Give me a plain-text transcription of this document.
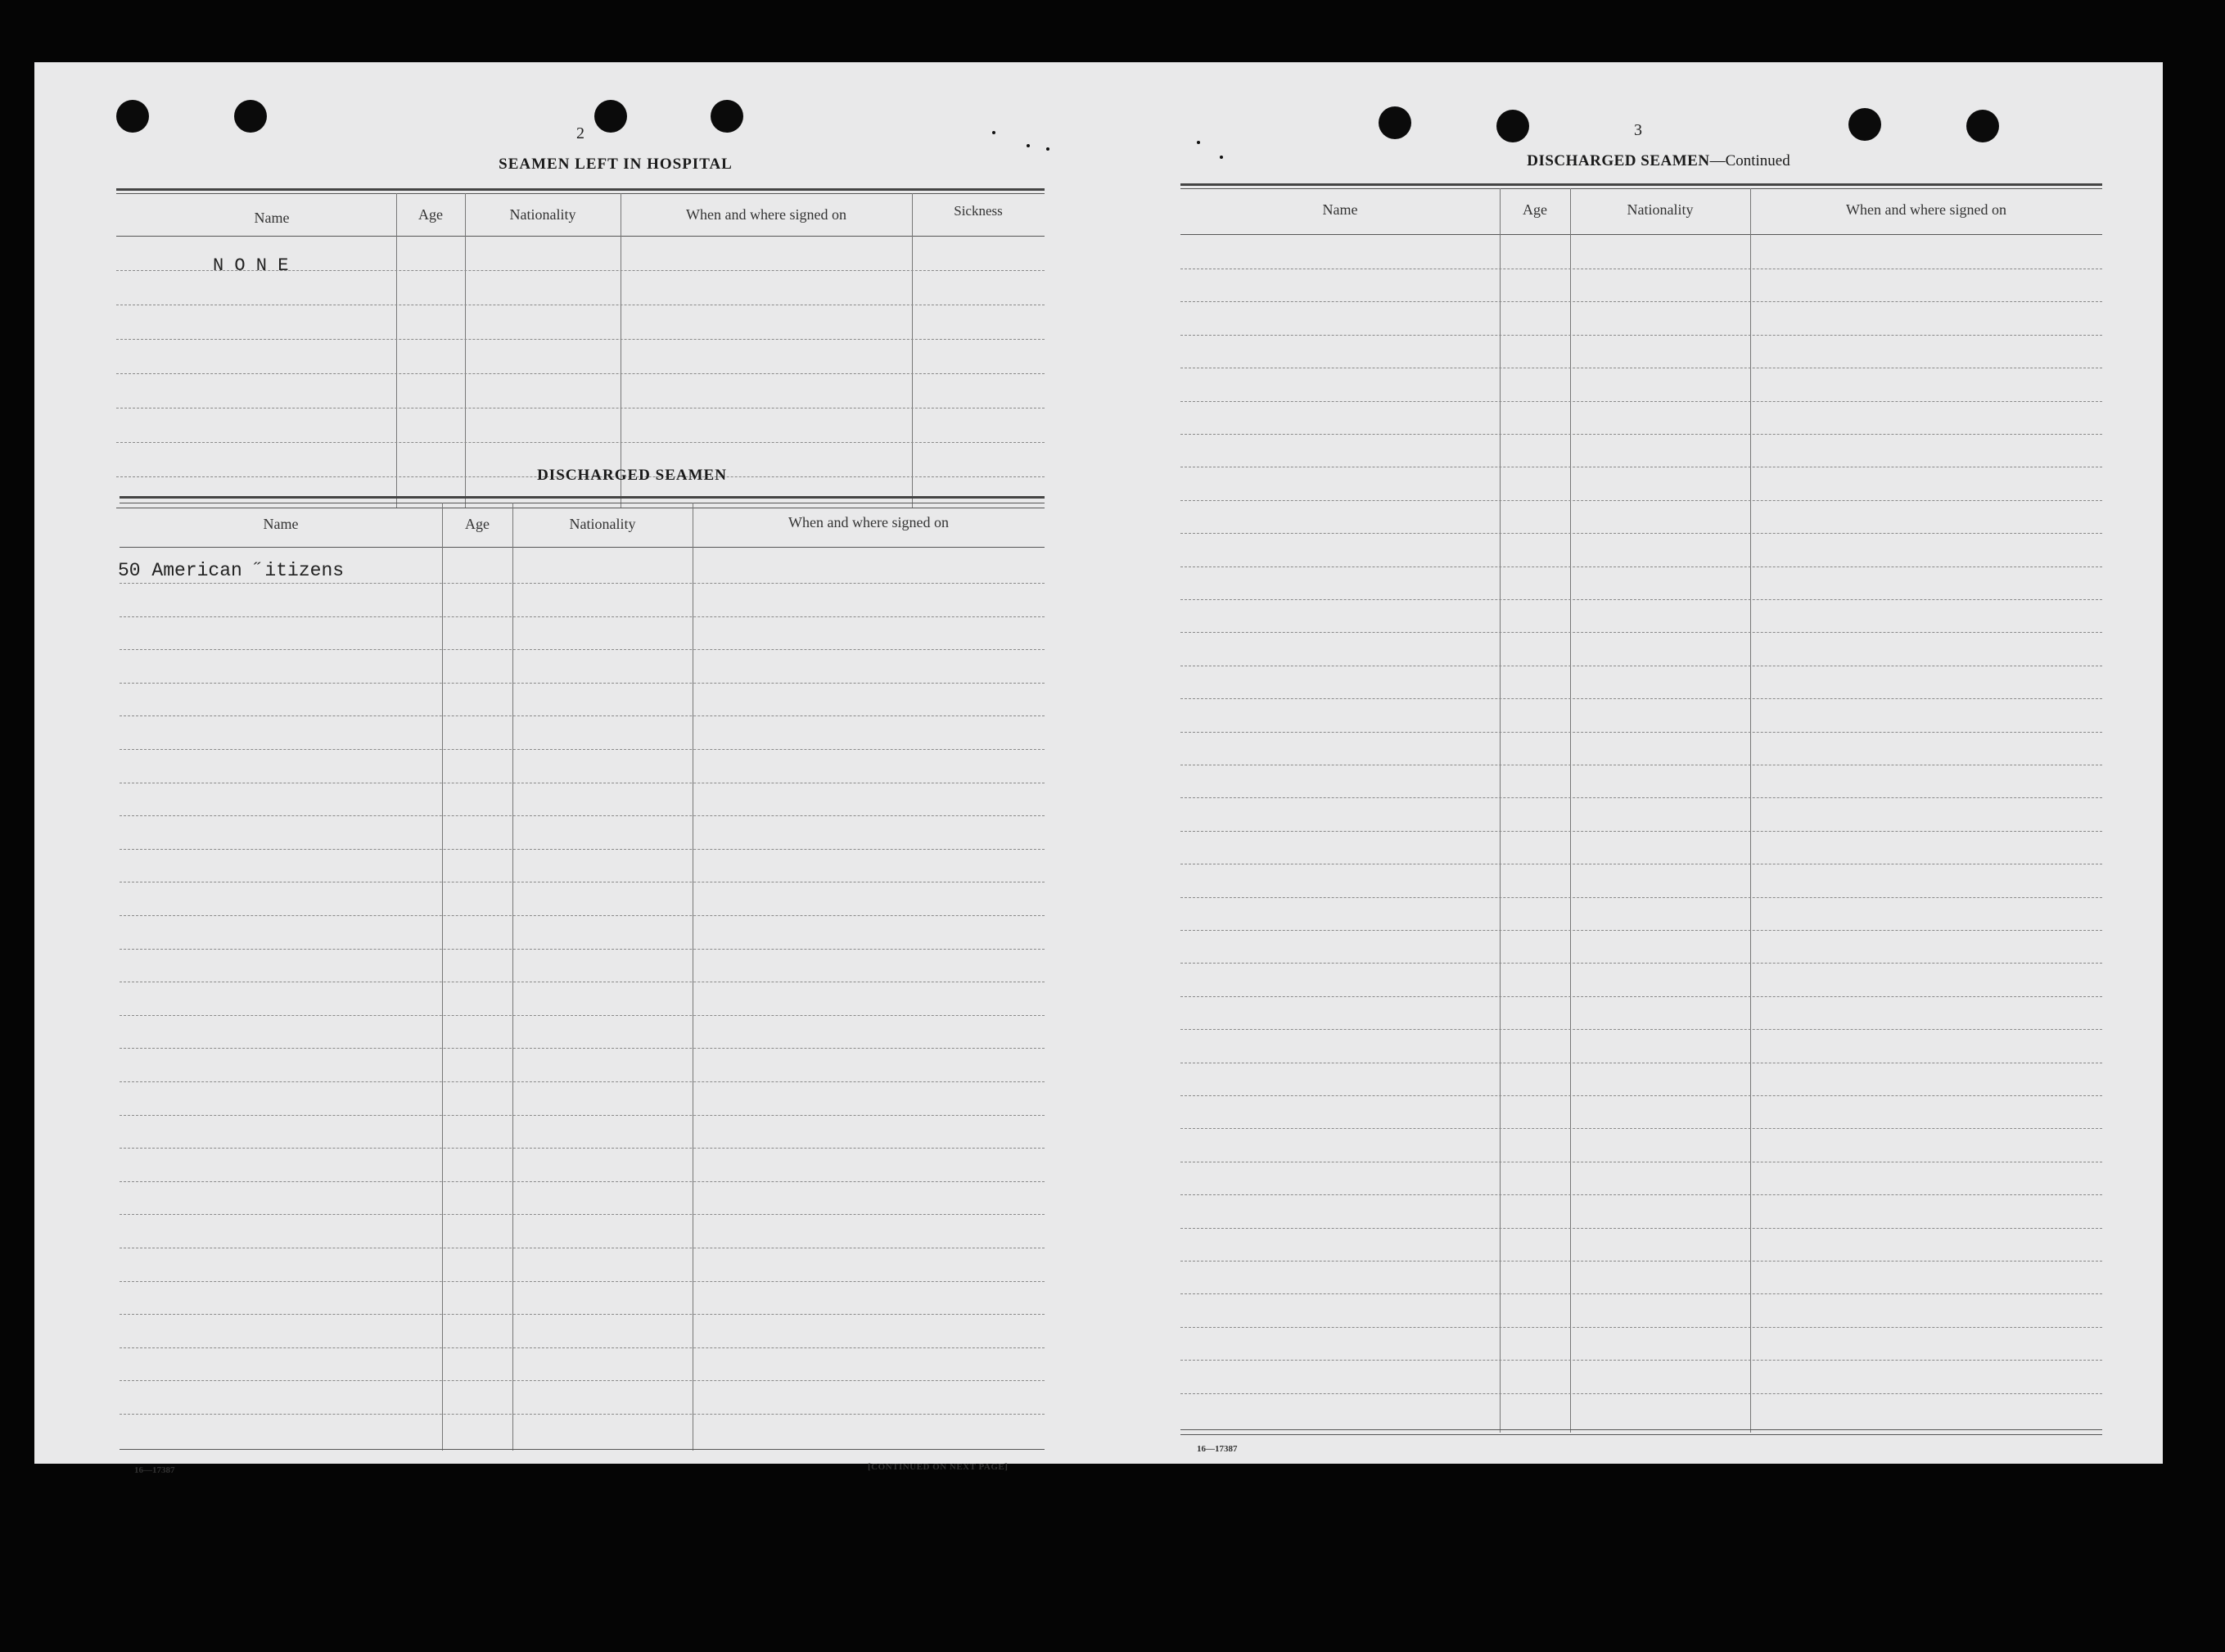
2
SEAMEN LEFT IN HOSPITAL
Name	Age	Nationality	When and where signed on	Sickness
N O N E
DISCHARGED SEAMEN
Name	Age	Nationality	When and where signed on
50 American ˝itizens
16—17387	[CONTINUED ON NEXT PAGE]
3
DISCHARGED SEAMEN—Continued
Name	Age	Nationality	When and where signed on
16—17387
